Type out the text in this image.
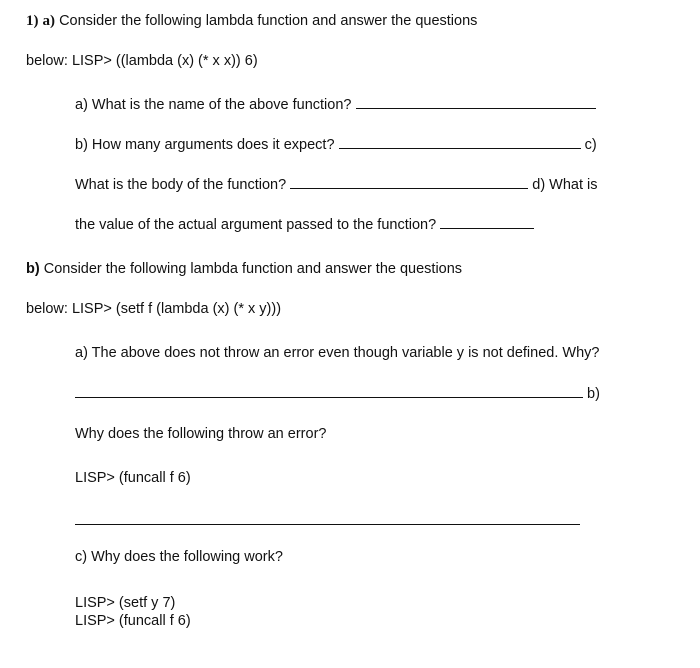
1) a) Consider the following lambda function and answer the questions
below: LISP> ((lambda (x) (* x x)) 6)
a) What is the name of the above function?
b) How many arguments does it expect?	c)
What is the body of the function?	d) What is
the value of the actual argument passed to the function?
b) Consider the following lambda function and answer the questions
below: LISP> (setf f (lambda (x) (* x y)))
a) The above does not throw an error even though variable y is not defined. Why?
b)
Why does the following throw an error?
LISP> (funcall f 6)
c) Why does the following work?
LISP> (setf y 7)
LISP> (funcall f 6)
